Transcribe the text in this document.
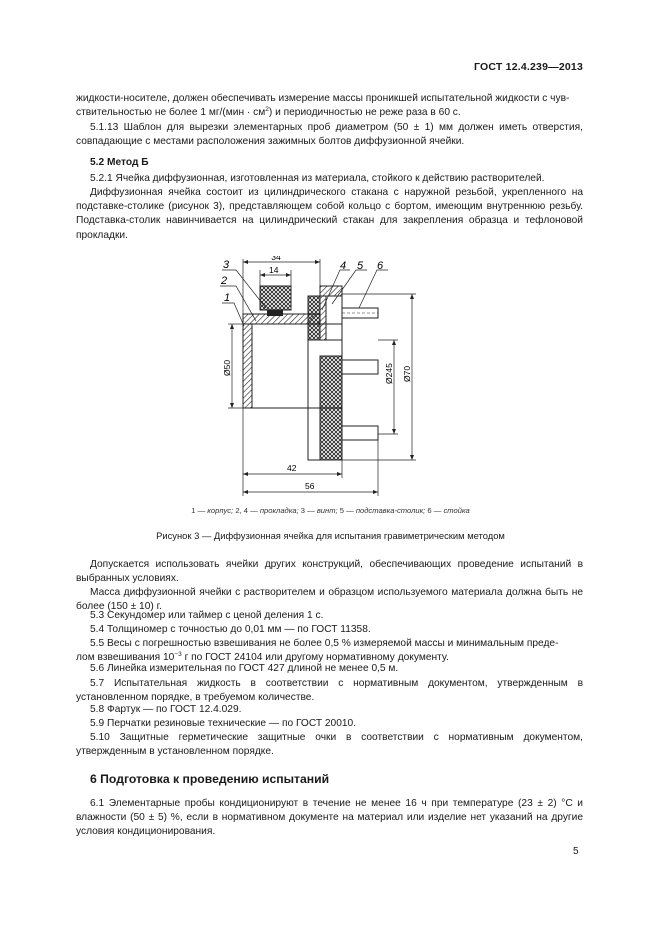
ГОСТ 12.4.239—2013
жидкости-носителе, должен обеспечивать измерение массы проникшей испытательной жидкости с чув-
ствительностью не более 1 $мг/(мин \cdot см^2)$ и периодичностью не реже раза в 60 с.
5.1.13 Шаблон для вырезки элементарных проб диаметром (50 ± 1) мм должен иметь отверстия, совпадающие с местами расположения зажимных болтов диффузионной ячейки.
5.2 Метод Б
5.2.1 Ячейка диффузионная, изготовленная из материала, стойкого к действию растворителей.
Диффузионная ячейка состоит из цилиндрического стакана с наружной резьбой, укрепленного на подставке-столике (рисунок 3), представляющем собой кольцо с бортом, имеющим внутреннюю резьбу. Подставка-столик навинчивается на цилиндрический стакан для закрепления образца и тефлоновой прокладки.
34
14
3
2
1
4 5 6
Ø50	Ø245 Ø70
42
56
1 — корпус; 2, 4 — прокладка; 3 — винт; 5 — подставка-столик; 6 — стойка
Рисунок 3 — Диффузионная ячейка для испытания гравиметрическим методом
Допускается использовать ячейки других конструкций, обеспечивающих проведение испытаний в выбранных условиях.
Масса диффузионной ячейки с растворителем и образцом используемого материала должна быть не более (150 ± 10) г.
5.3 Секундомер или таймер с ценой деления 1 с.
5.4 Толщиномер с точностью до 0,01 мм — по ГОСТ 11358.
5.5 Весы с погрешностью взвешивания не более 0,5 % измеряемой массы и минимальным преде-
лом взвешивания $10^{-3}$ г по ГОСТ 24104 или другому нормативному документу.
5.6 Линейка измерительная по ГОСТ 427 длиной не менее 0,5 м.
5.7 Испытательная жидкость в соответствии с нормативным документом, утвержденным в установленном порядке, в требуемом количестве.
5.8 Фартук — по ГОСТ 12.4.029.
5.9 Перчатки резиновые технические — по ГОСТ 20010.
5.10 Защитные герметические защитные очки в соответствии с нормативным документом, утвержденным в установленном порядке.
6 Подготовка к проведению испытаний
6.1 Элементарные пробы кондиционируют в течение не менее 16 ч при температуре (23 ± 2) °С и влажности (50 ± 5) %, если в нормативном документе на материал или изделие нет указаний на другие условия кондиционирования.
5
